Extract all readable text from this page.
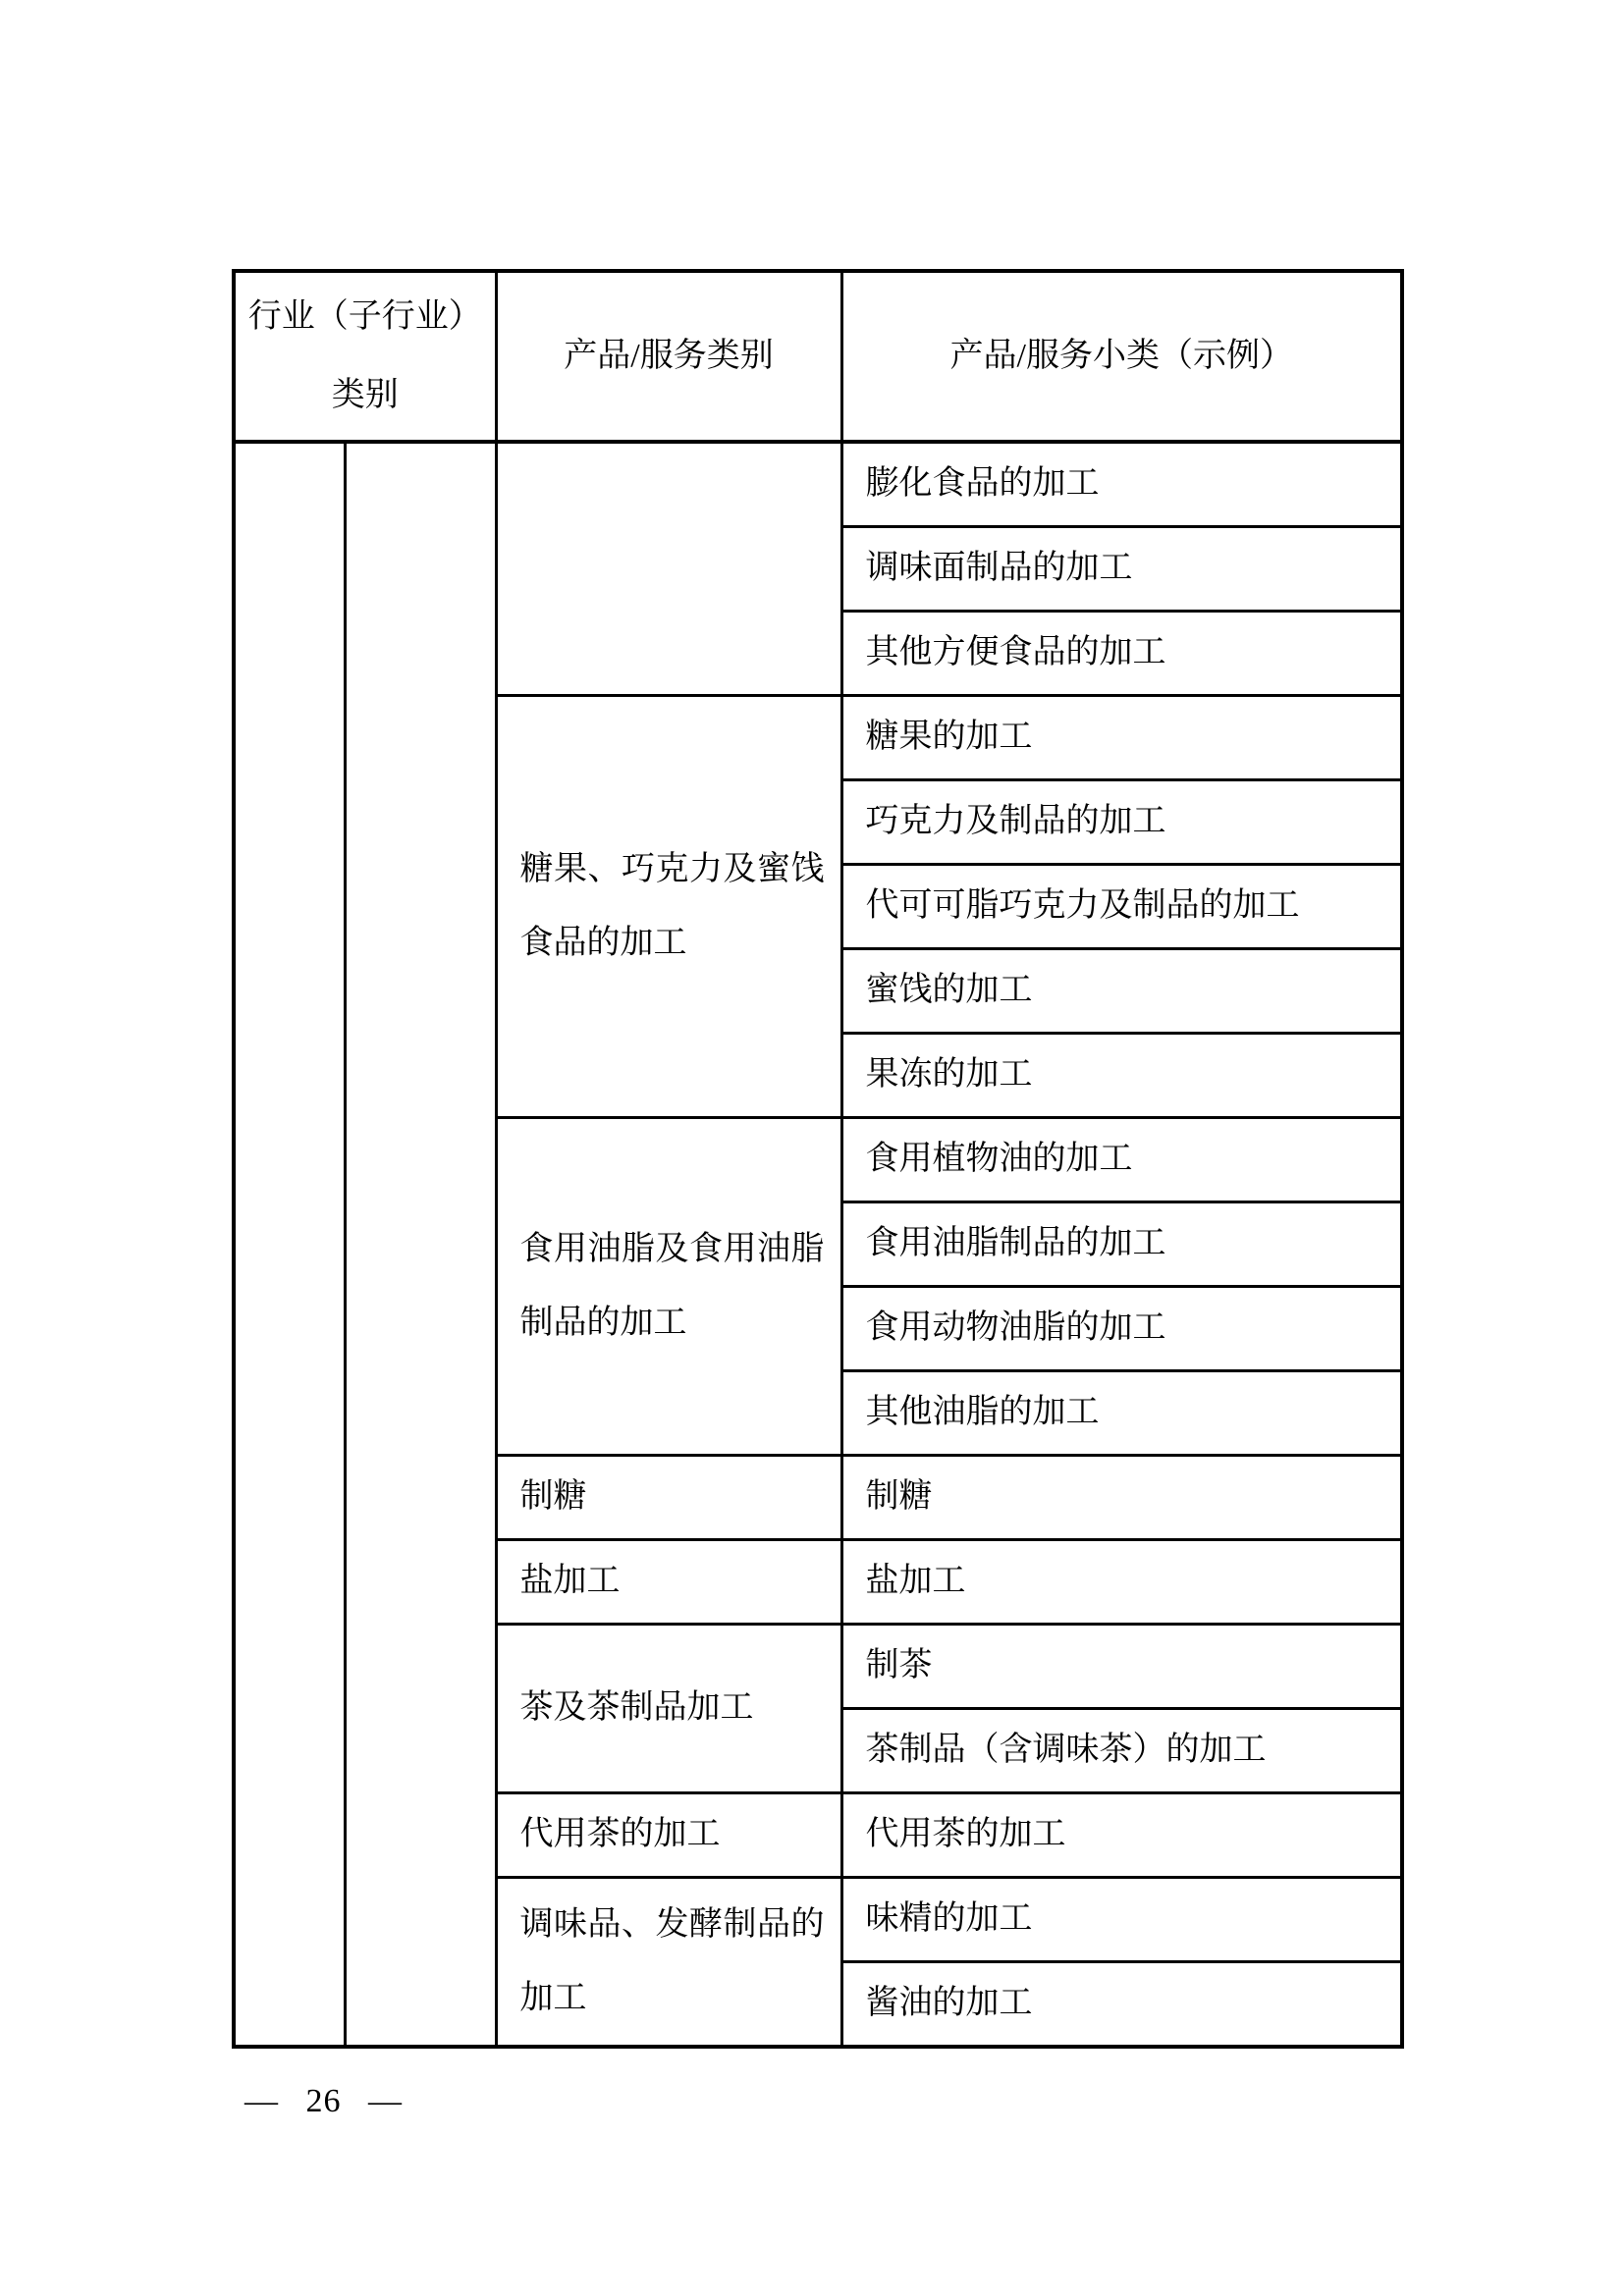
行业（子行业）类别		产品/服务类别	产品/服务小类（示例）
			膨化食品的加工
			调味面制品的加工
			其他方便食品的加工
		糖果、巧克力及蜜饯食品的加工	糖果的加工
			巧克力及制品的加工
			代可可脂巧克力及制品的加工
			蜜饯的加工
			果冻的加工
		食用油脂及食用油脂制品的加工	食用植物油的加工
			食用油脂制品的加工
			食用动物油脂的加工
			其他油脂的加工
		制糖	制糖
		盐加工	盐加工
		茶及茶制品加工	制茶
			茶制品（含调味茶）的加工
		代用茶的加工	代用茶的加工
		调味品、发酵制品的加工	味精的加工
			酱油的加工
— 26 —
